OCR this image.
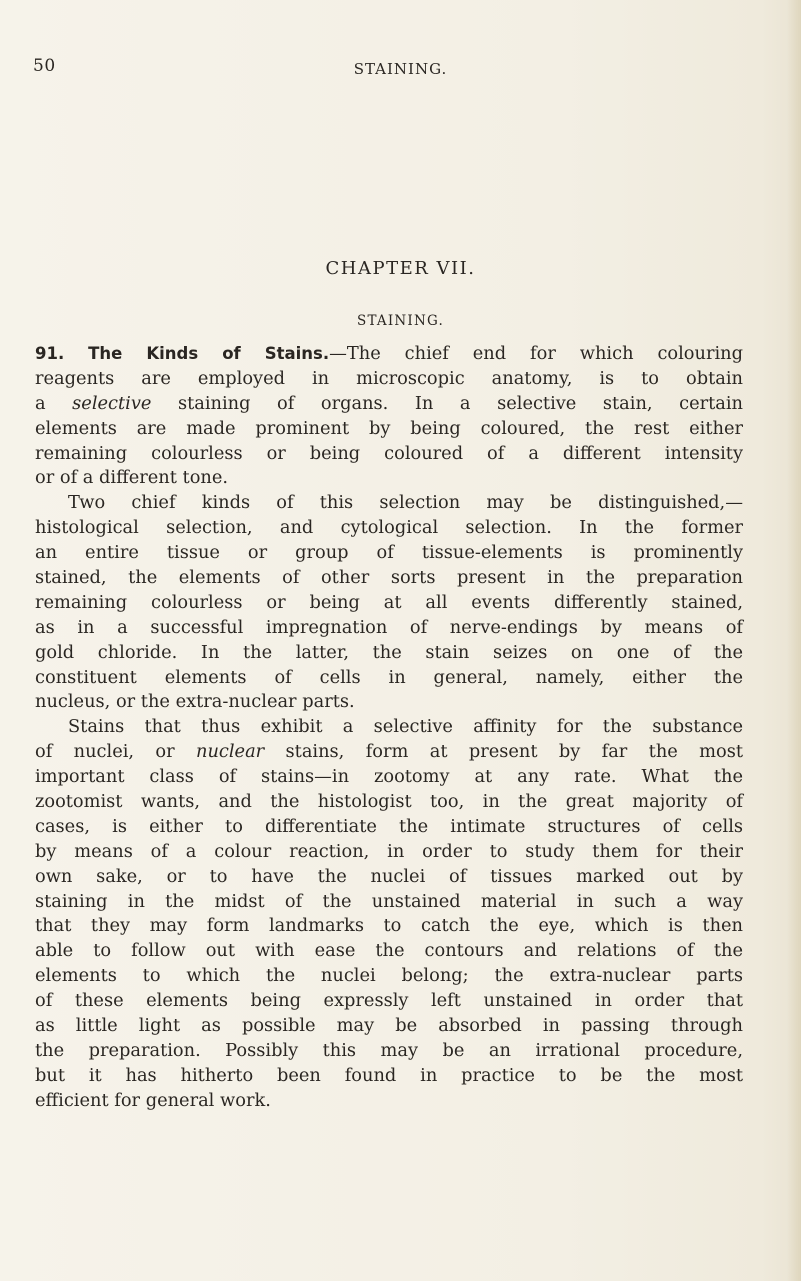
50	STAINING.
CHAPTER VII.
STAINING.
91. The Kinds of Stains.—The chief end for which colouring
reagents are employed in microscopic anatomy, is to obtain
a selective staining of organs. In a selective stain, certain
elements are made prominent by being coloured, the rest either
remaining colourless or being coloured of a different intensity
or of a different tone.
Two chief kinds of this selection may be distinguished,—
histological selection, and cytological selection. In the former
an entire tissue or group of tissue-elements is prominently
stained, the elements of other sorts present in the preparation
remaining colourless or being at all events differently stained,
as in a successful impregnation of nerve-endings by means of
gold chloride. In the latter, the stain seizes on one of the
constituent elements of cells in general, namely, either the
nucleus, or the extra-nuclear parts.
Stains that thus exhibit a selective affinity for the substance
of nuclei, or nuclear stains, form at present by far the most
important class of stains—in zootomy at any rate. What the
zootomist wants, and the histologist too, in the great majority of
cases, is either to differentiate the intimate structures of cells
by means of a colour reaction, in order to study them for their
own sake, or to have the nuclei of tissues marked out by
staining in the midst of the unstained material in such a way
that they may form landmarks to catch the eye, which is then
able to follow out with ease the contours and relations of the
elements to which the nuclei belong; the extra-nuclear parts
of these elements being expressly left unstained in order that
as little light as possible may be absorbed in passing through
the preparation. Possibly this may be an irrational procedure,
but it has hitherto been found in practice to be the most
efficient for general work.
